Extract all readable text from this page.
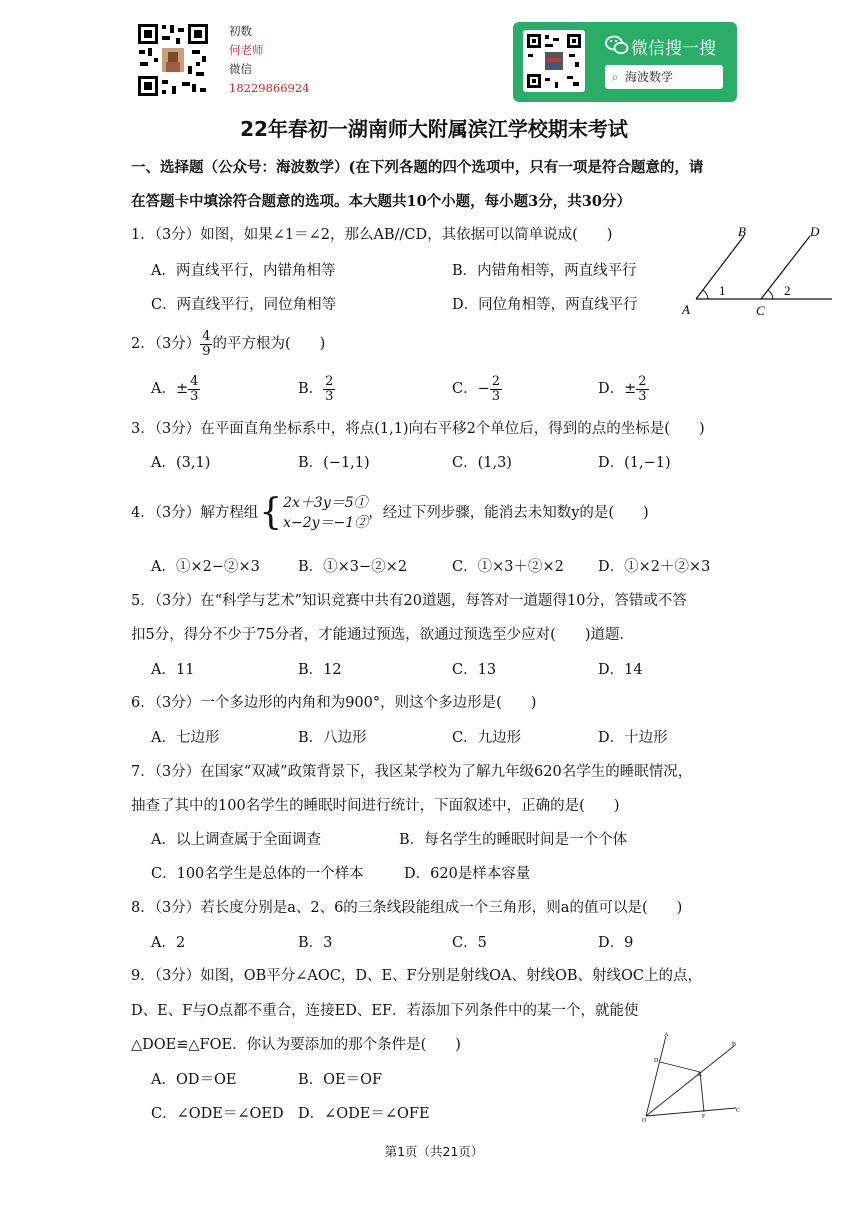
初数
何老师
微信
18229866924
微信搜一搜
⌕ 海波数学
22年春初一湖南师大附属滨江学校期末考试
一、选择题（公众号：海波数学）(在下列各题的四个选项中，只有一项是符合题意的，请
在答题卡中填涂符合题意的选项。本大题共10个小题，每小题3分，共30分）
1．（3分）如图，如果∠1＝∠2，那么AB//CD，其依据可以简单说成(　　)
A．两直线平行，内错角相等	B．内错角相等，两直线平行
C．两直线平行，同位角相等	D．同位角相等，两直线平行	A
B
C
D
1	2
2．（3分） $\frac{4}{9}$ 的平方根为(　　)
A．± $\frac{4}{3}$	B． $\frac{2}{3}$	C．− $\frac{2}{3}$	D．± $\frac{2}{3}$
3．（3分）在平面直角坐标系中，将点(1,1)向右平移2个单位后，得到的点的坐标是(　　)
A．(3,1)	B．(−1,1)	C．(1,3)	D．(1,−1)
4．（3分）解方程组 { 2x＋3y＝5①
x−2y＝−1②
，经过下列步骤，能消去未知数y的是(　　)
A．①×2−②×3	B．①×3−②×2	C．①×3＋②×2 D．①×2＋②×3
5．（3分）在“科学与艺术”知识竞赛中共有20道题，每答对一道题得10分，答错或不答
扣5分，得分不少于75分者，才能通过预选，欲通过预选至少应对(　　)道题．
A．11	B．12	C．13	D．14
6．（3分）一个多边形的内角和为900°，则这个多边形是(　　)
A．七边形	B．八边形	C．九边形	D．十边形
7．（3分）在国家“双减”政策背景下，我区某学校为了解九年级620名学生的睡眠情况，
抽查了其中的100名学生的睡眠时间进行统计，下面叙述中，正确的是(　　)
A．以上调查属于全面调查	B．每名学生的睡眠时间是一个个体
C．100名学生是总体的一个样本	D．620是样本容量
8．（3分）若长度分别是a、2、6的三条线段能组成一个三角形，则a的值可以是(　　)
A．2	B．3	C．5	D．9
9．（3分）如图，OB平分∠AOC，D、E、F分别是射线OA、射线OB、射线OC上的点，
D、E、F与O点都不重合，连接ED、EF．若添加下列条件中的某一个，就能使
△DOE≌△FOE．你认为要添加的那个条件是(　　)
A．OD＝OE	B．OE＝OF
C．∠ODE＝∠OED D．∠ODE＝∠OFE
A
D
E
B
O
F
C
第1页（共21页）
